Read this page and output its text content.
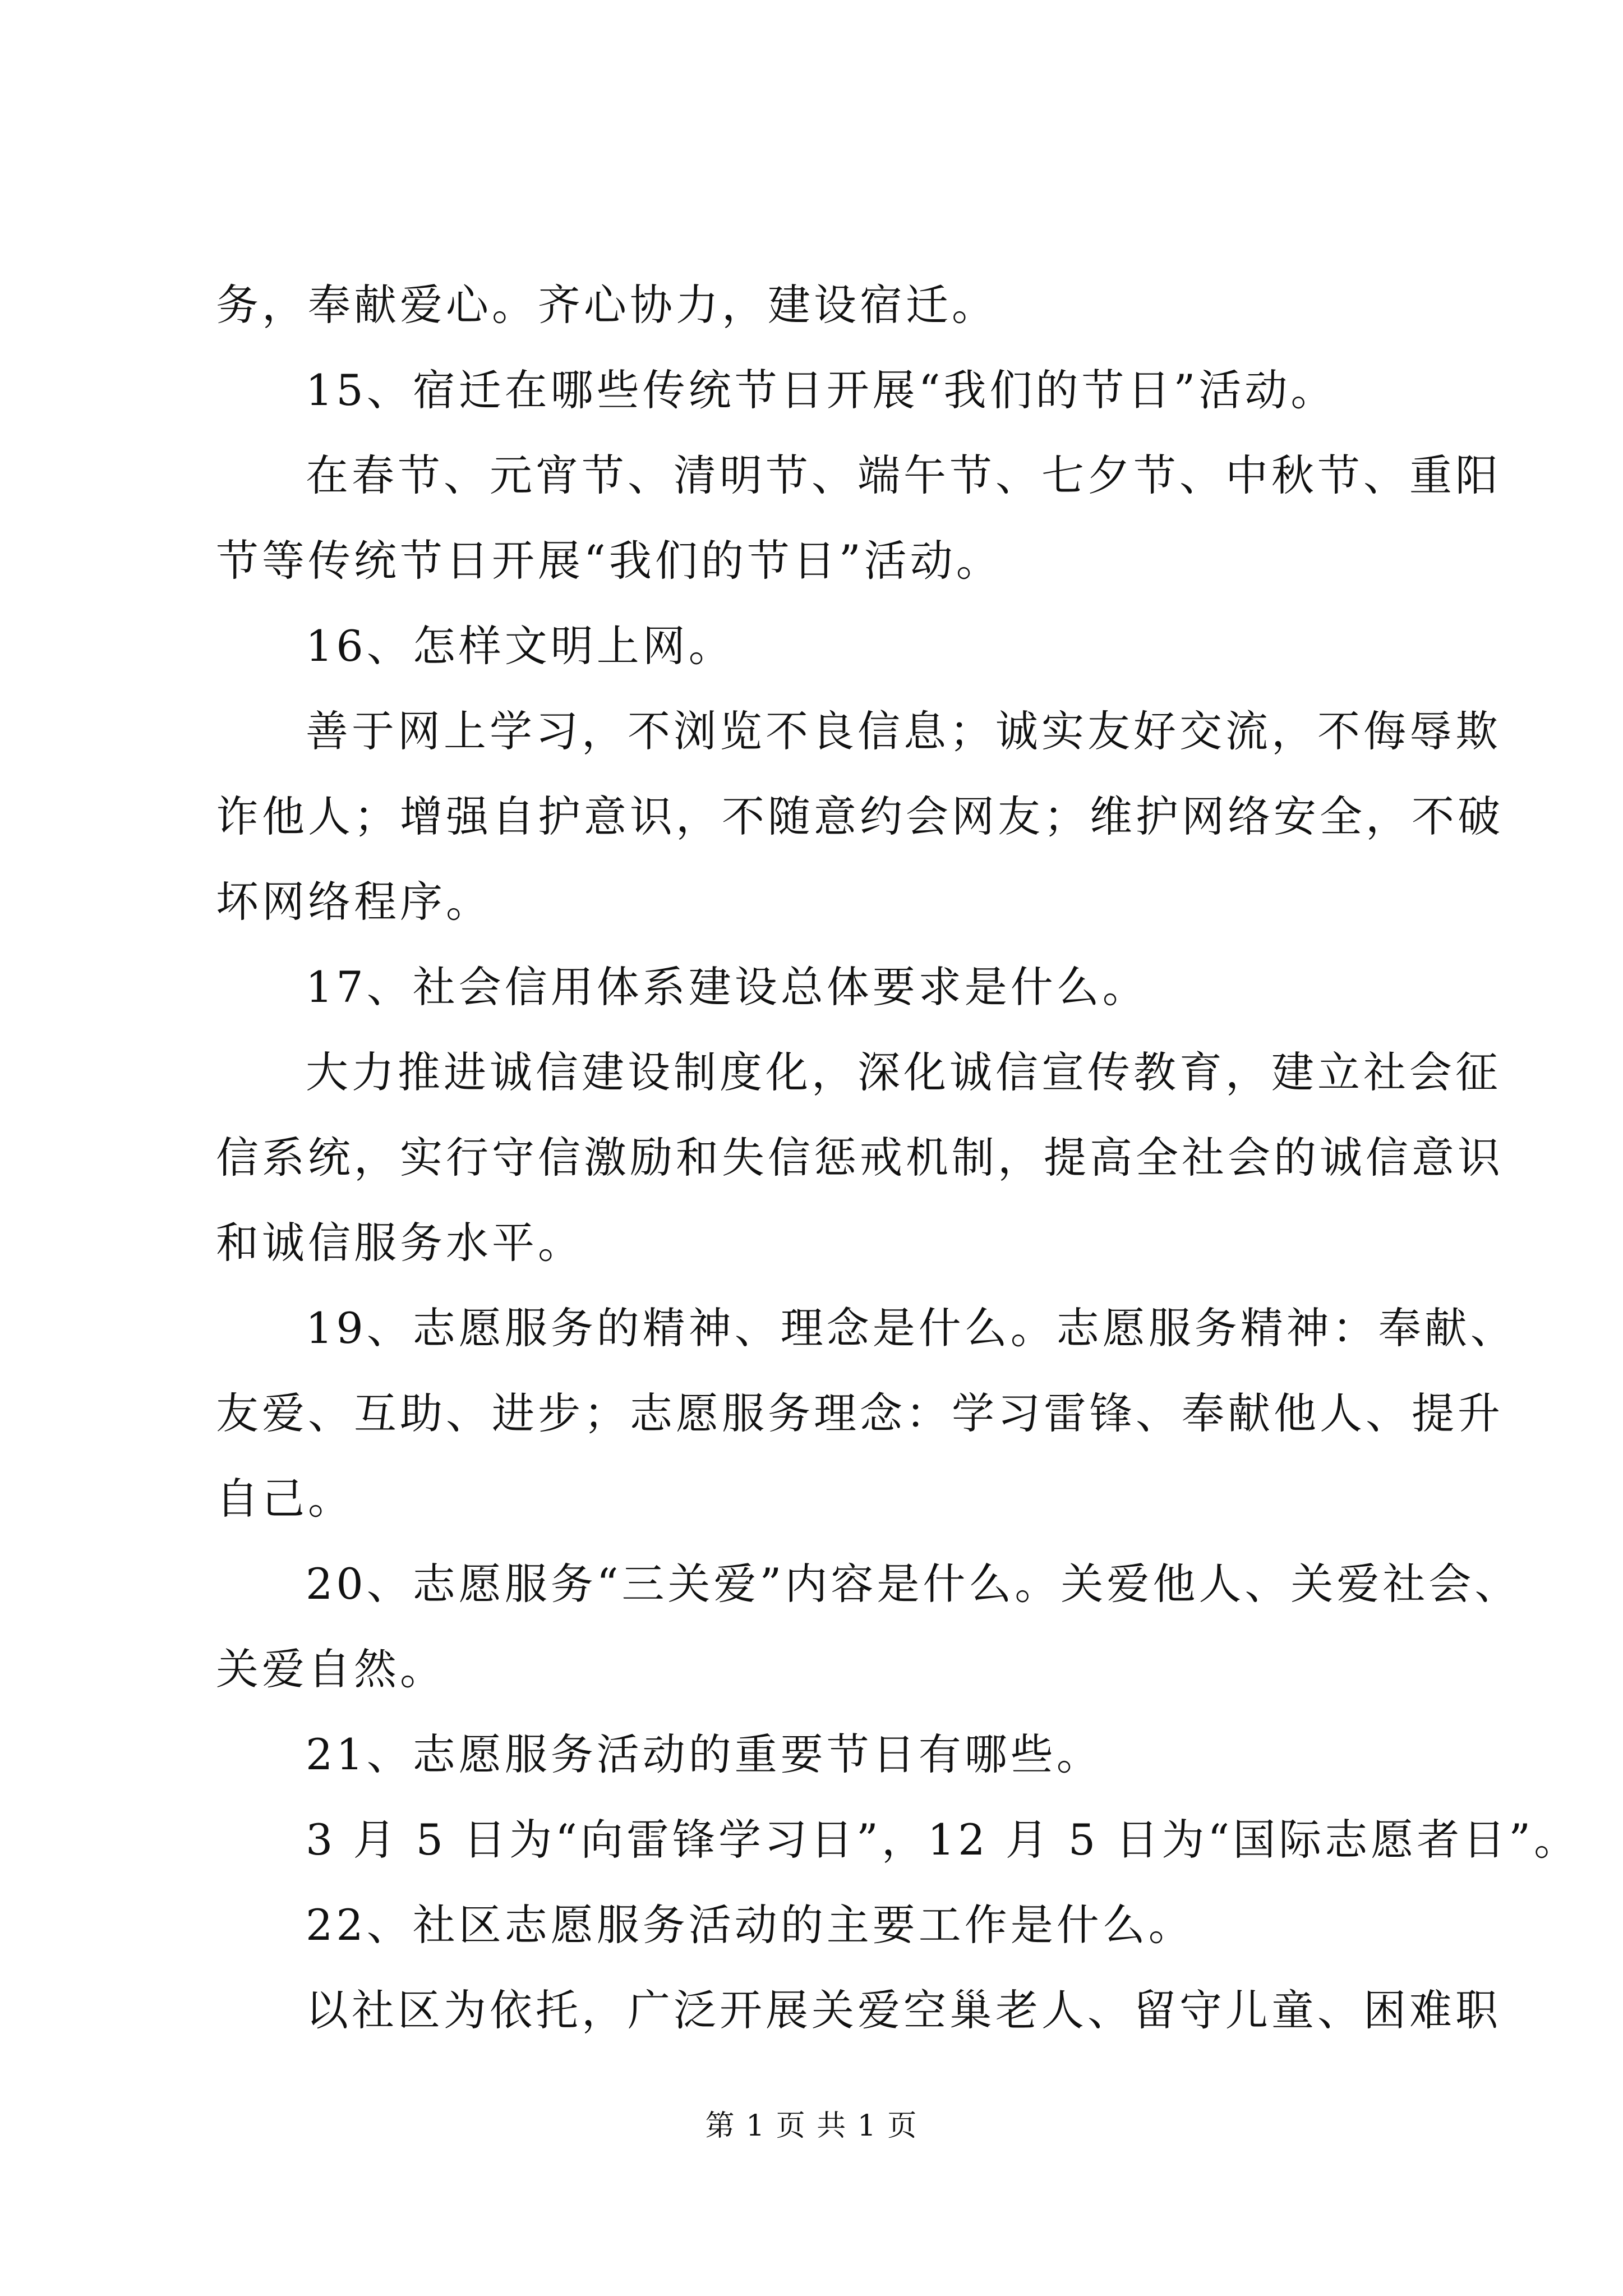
务，奉献爱心。齐心协力，建设宿迁。
15、宿迁在哪些传统节日开展“我们的节日”活动。
在春节、元宵节、清明节、端午节、七夕节、中秋节、重阳
节等传统节日开展“我们的节日”活动。
16、怎样文明上网。
善于网上学习，不浏览不良信息；诚实友好交流，不侮辱欺
诈他人；增强自护意识，不随意约会网友；维护网络安全，不破
坏网络程序。
17、社会信用体系建设总体要求是什么。
大力推进诚信建设制度化，深化诚信宣传教育，建立社会征
信系统，实行守信激励和失信惩戒机制，提高全社会的诚信意识
和诚信服务水平。
19、志愿服务的精神、理念是什么。志愿服务精神：奉献、
友爱、互助、进步；志愿服务理念：学习雷锋、奉献他人、提升
自己。
20、志愿服务“三关爱”内容是什么。关爱他人、关爱社会、
关爱自然。
21、志愿服务活动的重要节日有哪些。
3 月 5 日为“向雷锋学习日”，12 月 5 日为“国际志愿者日”。
22、社区志愿服务活动的主要工作是什么。
以社区为依托，广泛开展关爱空巢老人、留守儿童、困难职
第 1 页 共 1 页
